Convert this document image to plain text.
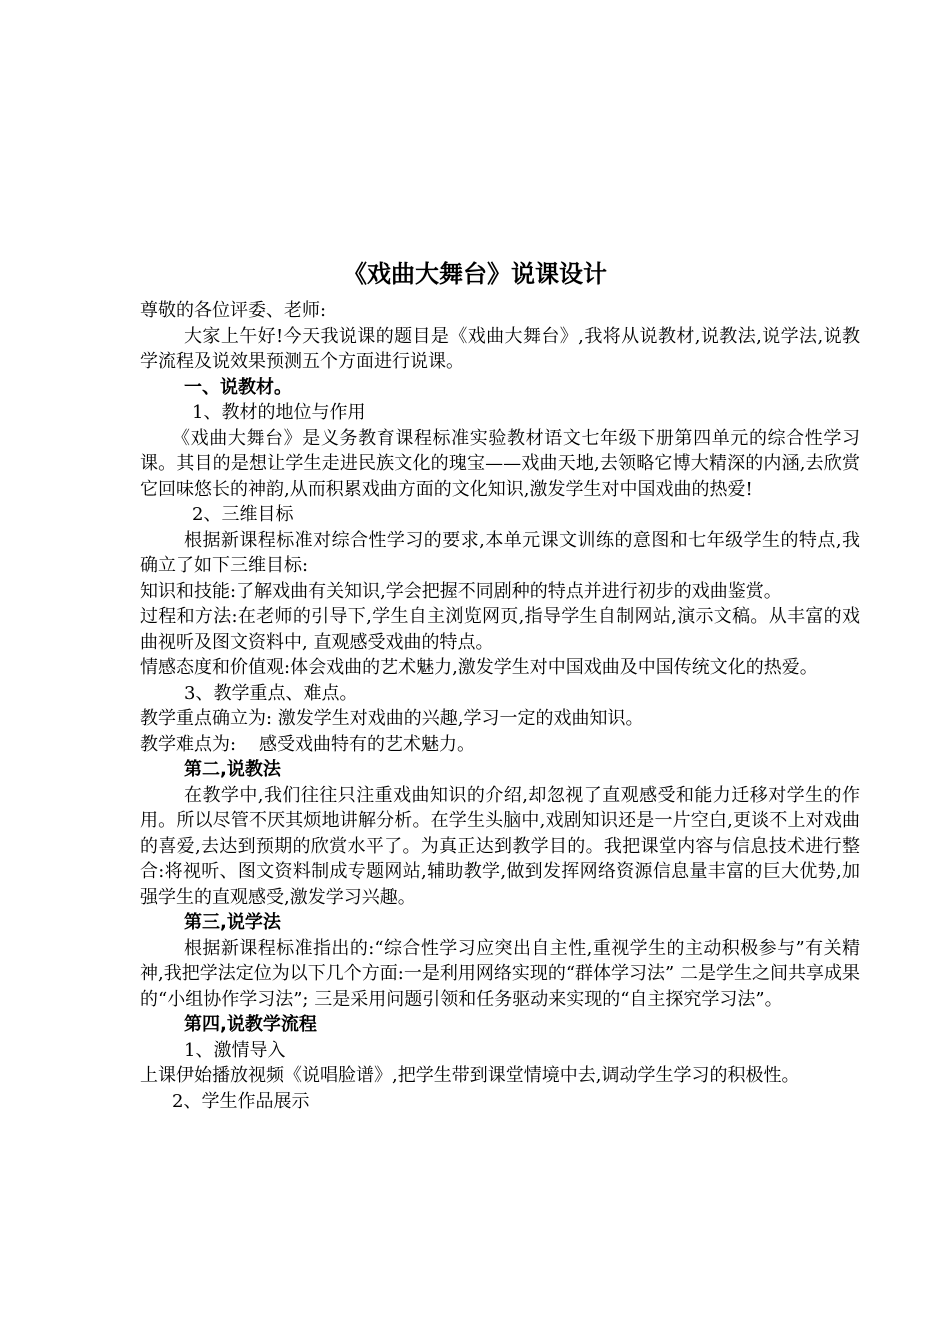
《戏曲大舞台》说课设计

尊敬的各位评委、老师:

大家上午好!今天我说课的题目是《戏曲大舞台》,我将从说教材,说教法,说学法,说教学流程及说效果预测五个方面进行说课。

一、说教材。

1、教材的地位与作用

《戏曲大舞台》是义务教育课程标准实验教材语文七年级下册第四单元的综合性学习课。其目的是想让学生走进民族文化的瑰宝——戏曲天地,去领略它博大精深的内涵,去欣赏它回味悠长的神韵,从而积累戏曲方面的文化知识,激发学生对中国戏曲的热爱!

2、三维目标

根据新课程标准对综合性学习的要求,本单元课文训练的意图和七年级学生的特点,我确立了如下三维目标:

知识和技能:了解戏曲有关知识,学会把握不同剧种的特点并进行初步的戏曲鉴赏。

过程和方法:在老师的引导下,学生自主浏览网页,指导学生自制网站,演示文稿。从丰富的戏曲视听及图文资料中, 直观感受戏曲的特点。

情感态度和价值观:体会戏曲的艺术魅力,激发学生对中国戏曲及中国传统文化的热爱。

3、教学重点、难点。

教学重点确立为: 激发学生对戏曲的兴趣,学习一定的戏曲知识。

教学难点为:    感受戏曲特有的艺术魅力。

第二,说教法

在教学中,我们往往只注重戏曲知识的介绍,却忽视了直观感受和能力迁移对学生的作用。所以尽管不厌其烦地讲解分析。在学生头脑中,戏剧知识还是一片空白,更谈不上对戏曲的喜爱,去达到预期的欣赏水平了。为真正达到教学目的。我把课堂内容与信息技术进行整合:将视听、图文资料制成专题网站,辅助教学,做到发挥网络资源信息量丰富的巨大优势,加强学生的直观感受,激发学习兴趣。

第三,说学法

根据新课程标准指出的:“综合性学习应突出自主性,重视学生的主动积极参与”有关精神,我把学法定位为以下几个方面:一是利用网络实现的“群体学习法” 二是学生之间共享成果的“小组协作学习法”; 三是采用问题引领和任务驱动来实现的“自主探究学习法”。

第四,说教学流程

1、激情导入

上课伊始播放视频《说唱脸谱》,把学生带到课堂情境中去,调动学生学习的积极性。

2、学生作品展示
